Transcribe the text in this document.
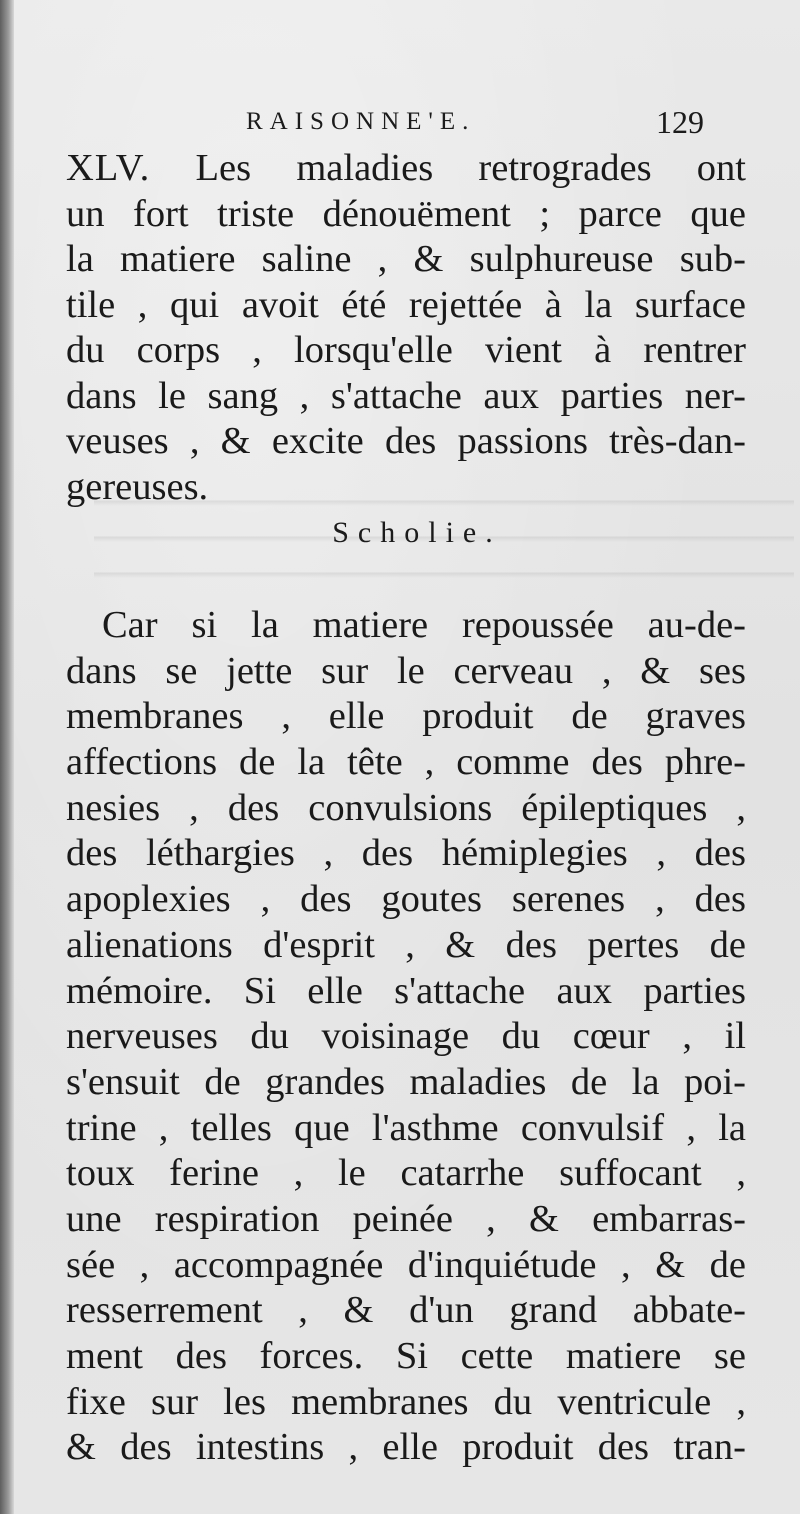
RAISONNE'E.	129
XLV. Les maladies retrogrades ont
un fort triste dénouëment ; parce que
la matiere saline , & sulphureuse sub-
tile , qui avoit été rejettée à la surface
du corps , lorsqu'elle vient à rentrer
dans le sang , s'attache aux parties ner-
veuses , & excite des passions très-dan-
gereuses.
Scholie.
Car si la matiere repoussée au-de-
dans se jette sur le cerveau , & ses
membranes , elle produit de graves
affections de la tête , comme des phre-
nesies , des convulsions épileptiques ,
des léthargies , des hémiplegies , des
apoplexies , des goutes serenes , des
alienations d'esprit , & des pertes de
mémoire. Si elle s'attache aux parties
nerveuses du voisinage du cœur , il
s'ensuit de grandes maladies de la poi-
trine , telles que l'asthme convulsif , la
toux ferine , le catarrhe suffocant ,
une respiration peinée , & embarras-
sée , accompagnée d'inquiétude , & de
resserrement , & d'un grand abbate-
ment des forces. Si cette matiere se
fixe sur les membranes du ventricule ,
& des intestins , elle produit des tran-
